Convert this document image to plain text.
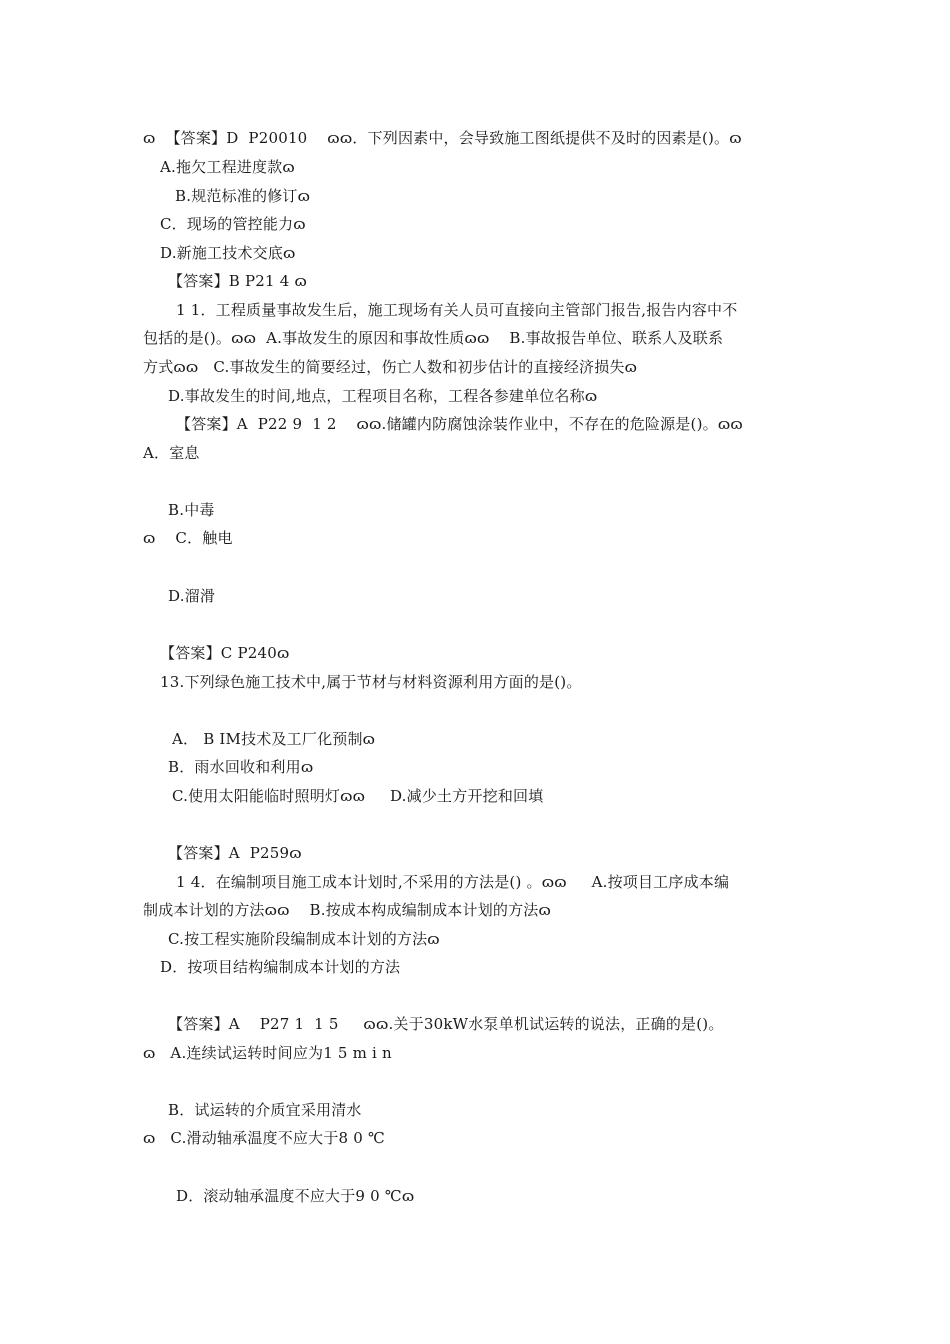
ɷ  【答案】D  P20010    ɷɷ．下列因素中，会导致施工图纸提供不及时的因素是()。ɷ
A.拖欠工程进度款ɷ
B.规范标准的修订ɷ
C．现场的管控能力ɷ
D.新施工技术交底ɷ
【答案】B P21 4 ɷ
1 1．工程质量事故发生后，施工现场有关人员可直接向主管部门报告,报告内容中不
包括的是()。ɷɷ  A.事故发生的原因和事故性质ɷɷ    B.事故报告单位、联系人及联系
方式ɷɷ   C.事故发生的简要经过，伤亡人数和初步估计的直接经济损失ɷ
D.事故发生的时间,地点，工程项目名称，工程各参建单位名称ɷ
【答案】A  P22 9  1 2    ɷɷ.储罐内防腐蚀涂装作业中，不存在的危险源是()。ɷɷ
A．室息
B.中毒
ɷ    C．触电
D.溜滑
【答案】C P240ɷ
13.下列绿色施工技术中,属于节材与材料资源利用方面的是()。
A． B IM技术及工厂化预制ɷ
B．雨水回收和利用ɷ
C.使用太阳能临时照明灯ɷɷ     D.减少土方开挖和回填
【答案】A  P259ɷ
1 4．在编制项目施工成本计划时,不采用的方法是() 。ɷɷ     A.按项目工序成本编
制成本计划的方法ɷɷ    B.按成本构成编制成本计划的方法ɷ
C.按工程实施阶段编制成本计划的方法ɷ
D．按项目结构编制成本计划的方法
【答案】A    P27 1  1 5     ɷɷ.关于30kW水泵单机试运转的说法，正确的是()。
ɷ   A.连续试运转时间应为1 5 m i n
B．试运转的介质宜采用清水
ɷ   C.滑动轴承温度不应大于8 0 ℃
D．滚动轴承温度不应大于9 0 ℃ɷ
